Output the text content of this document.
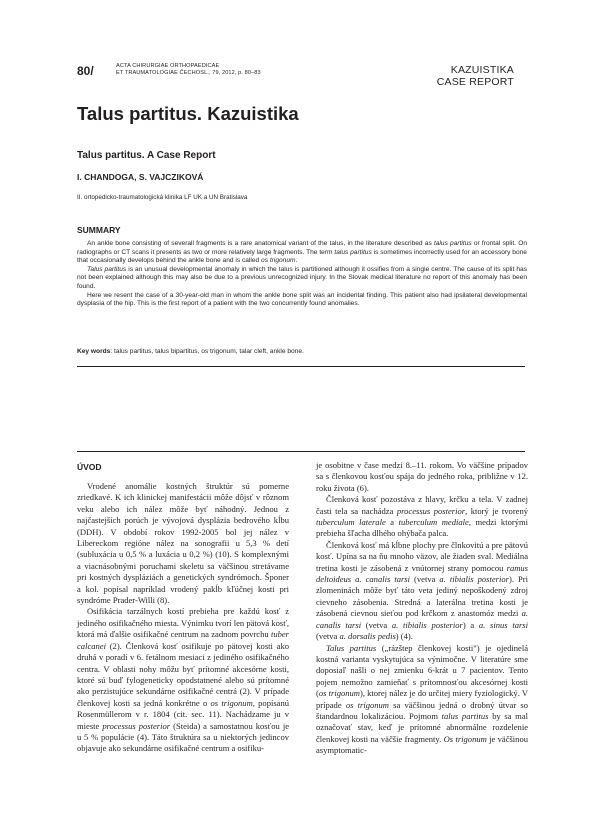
80/	ACTA CHIRURGIAE ORTHOPAEDICAE
ET TRAUMATOLOGIAE ČECHOSL., 79, 2012, p. 80–83	KAZUISTIKA
CASE REPORT
Talus partitus. Kazuistika
Talus partitus. A Case Report
I. CHANDOGA, S. VAJCZIKOVÁ
II. ortopedicko-traumatologická klinika LF UK a UN Bratislava
SUMMARY

An ankle bone consisting of severall fragments is a rare anatomical variant of the talus, in the literature described as talus partitus or frontal split. On radiographs or CT scans it presents as two or more relatively large fragments. The term talus partitus is sometimes incorrectly used for an accessory bone that occasionally develops behind the ankle bone and is called os trigonum.

Talus partitus is an unusual developmental anomaly in which the talus is partitioned although it ossifies from a single centre. The cause of its split has not been explained although this may also be due to a previous unrecognized injury. In the Slovak medical literature no report of this anomaly has been found.

Here we resent the case of a 30-year-old man in whom the ankle bone split was an incidental finding. This patient also had ipsilateral developmental dysplasia of the hip. This is the first report of a patient with the two concurrently found anomalies.

Key words: talus partitus, talus bipartitus, os trigonum, talar cleft, ankle bone.
ÚVOD

Vrodené anomálie kostných štruktúr sú pomerne zriedkavé. K ich klinickej manifestácii môže dôjsť v rôznom veku alebo ich nález môže byť náhodný. Jednou z najčastejších porúch je vývojová dysplázia bedrového kĺbu (DDH). V období rokov 1992-2005 bol jej nález v Libereckom regióne nález na sonografii u 5,3 % detí (subluxácia u 0,5 % a luxácia u 0,2 %) (10). S komplexnými a viacnásobnými poruchami skeletu sa väčšinou stretávame pri kostných dyspláziách a genetických syndrómoch. Šponer a kol. popísal napríklad vrodený pakĺb kľúčnej kosti pri syndróme Prader-Willi (8).

Osifikácia tarzálnych kostí prebieha pre každú kosť z jediného osifikačného miesta. Výnimku tvorí len pätová kosť, ktorá má ďalšie osifikačné centrum na zadnom povrchu tuber calcanei (2). Členková kosť osifikuje po pätovej kosti ako druhá v poradí v 6. fetálnom mesiaci z jediného osifikačného centra. V oblasti nohy môžu byť prítomné akcesórne kosti, ktoré sú buď fylogeneticky opodstatnené alebo sú prítomné ako perzistujúce sekundárne osifikačné centrá (2). V prípade členkovej kosti sa jedná konkrétne o os trigonum, popísanú Rosenmüllerom v r. 1804 (cit. sec. 11). Nachádzame ju v mieste processus posterior (Steida) a samostatnou kosťou je u 5 % populácie (4). Táto štruktúra sa u niektorých jedincov objavuje ako sekundárne osifikačné centrum a osifiku-

je osobitne v čase medzi 8.–11. rokom. Vo väčšine prípadov sa s členkovou kosťou spája do jedného roka, približne v 12. roku života (6).

Členková kosť pozostáva z hlavy, krčku a tela. V zadnej časti tela sa nachádza processus posterior, ktorý je tvorený tuberculum laterale a tuberculum mediale, medzi ktorými prebieha šľacha dlhého ohýbača palca.

Členková kosť má kĺbne plochy pre člnkovitú a pre pätovú kosť. Upína sa na ňu mnoho väzov, ale žiaden sval. Mediálna tretina kosti je zásobená z vnútornej strany pomocou ramus deltoideus a. canalis tarsi (vetva a. tibialis posterior). Pri zlomeninách môže byť táto veta jediný nepoškodený zdroj cievneho zásobenia. Stredná a laterálna tretina kosti je zásobená cievnou sieťou pod krčkom z anastomóz medzi a. canalis tarsi (vetva a. tibialis posterior) a a. sinus tarsi (vetva a. dorsalis pedis) (4).

Talus partitus („rázštep členkovej kosti") je ojedinelá kostná varianta vyskytujúca sa výnimočne. V literatúre sme doposiaľ našli o nej zmienku 6-krát u 7 pacientov. Tento pojem nemožno zamieňať s prítomnosťou akcesórnej kosti (os trigonum), ktorej nález je do určitej miery fyziologický. V prípade os trigonum sa väčšinou jedná o drobný útvar so štandardnou lokalizáciou. Pojmom talus partitus by sa mal označovať stav, keď je prítomné abnormálne rozdelenie členkovej kosti na väčšie fragmenty. Os trigonum je väčšinou asymptomatic-
